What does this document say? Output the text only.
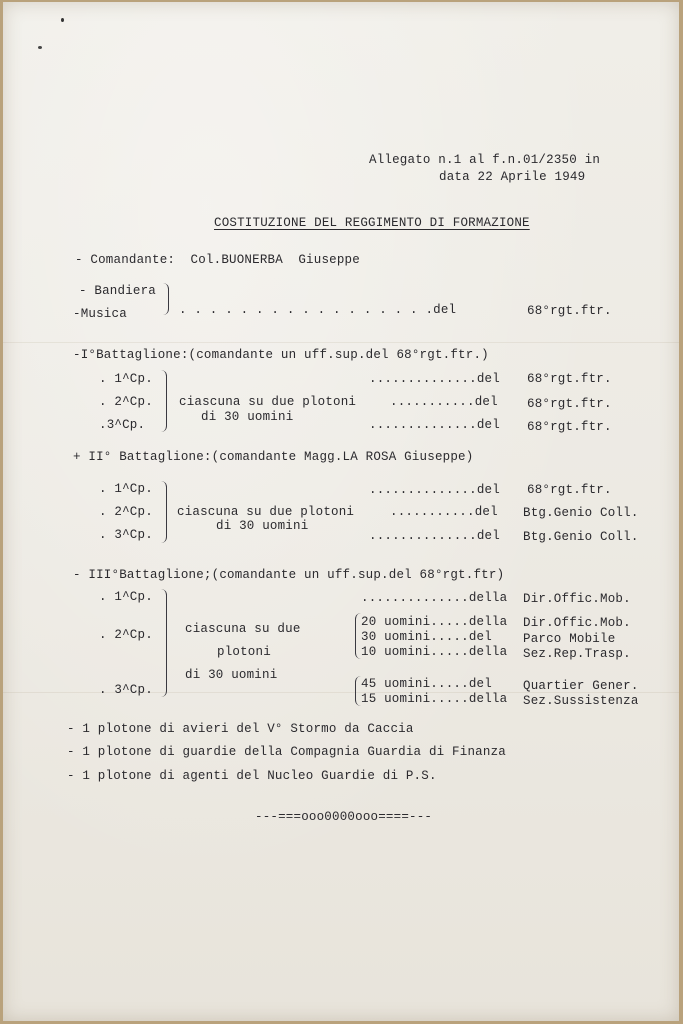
Allegato n.1 al f.n.01/2350 in
data 22 Aprile 1949
COSTITUZIONE DEL REGGIMENTO DI FORMAZIONE
- Comandante:  Col.BUONERBA  Giuseppe
- Bandiera
-Musica	. . . . . . . . . . . . . . . . .del	68°rgt.ftr.
-I°Battaglione:(comandante un uff.sup.del 68°rgt.ftr.)
. 1^Cp.
. 2^Cp.
.3^Cp.
ciascuna su due plotoni
di 30 uomini
..............del
...........del
..............del
68°rgt.ftr.
68°rgt.ftr.
68°rgt.ftr.
+ II° Battaglione:(comandante Magg.LA ROSA Giuseppe)
. 1^Cp.
. 2^Cp.
. 3^Cp.
ciascuna su due plotoni
di 30 uomini
..............del
...........del
..............del
68°rgt.ftr.
Btg.Genio Coll.
Btg.Genio Coll.
- III°Battaglione;(comandante un uff.sup.del 68°rgt.ftr)
. 1^Cp.
. 2^Cp.
. 3^Cp.
ciascuna su due
plotoni
di 30 uomini
..............della Dir.Offic.Mob.
20 uomini.....della Dir.Offic.Mob.
30 uomini.....del Parco Mobile
10 uomini.....della Sez.Rep.Trasp.
45 uomini.....del Quartier Gener.
15 uomini.....della Sez.Sussistenza
- 1 plotone di avieri del V° Stormo da Caccia
- 1 plotone di guardie della Compagnia Guardia di Finanza
- 1 plotone di agenti del Nucleo Guardie di P.S.
---===ooo0000ooo====---
